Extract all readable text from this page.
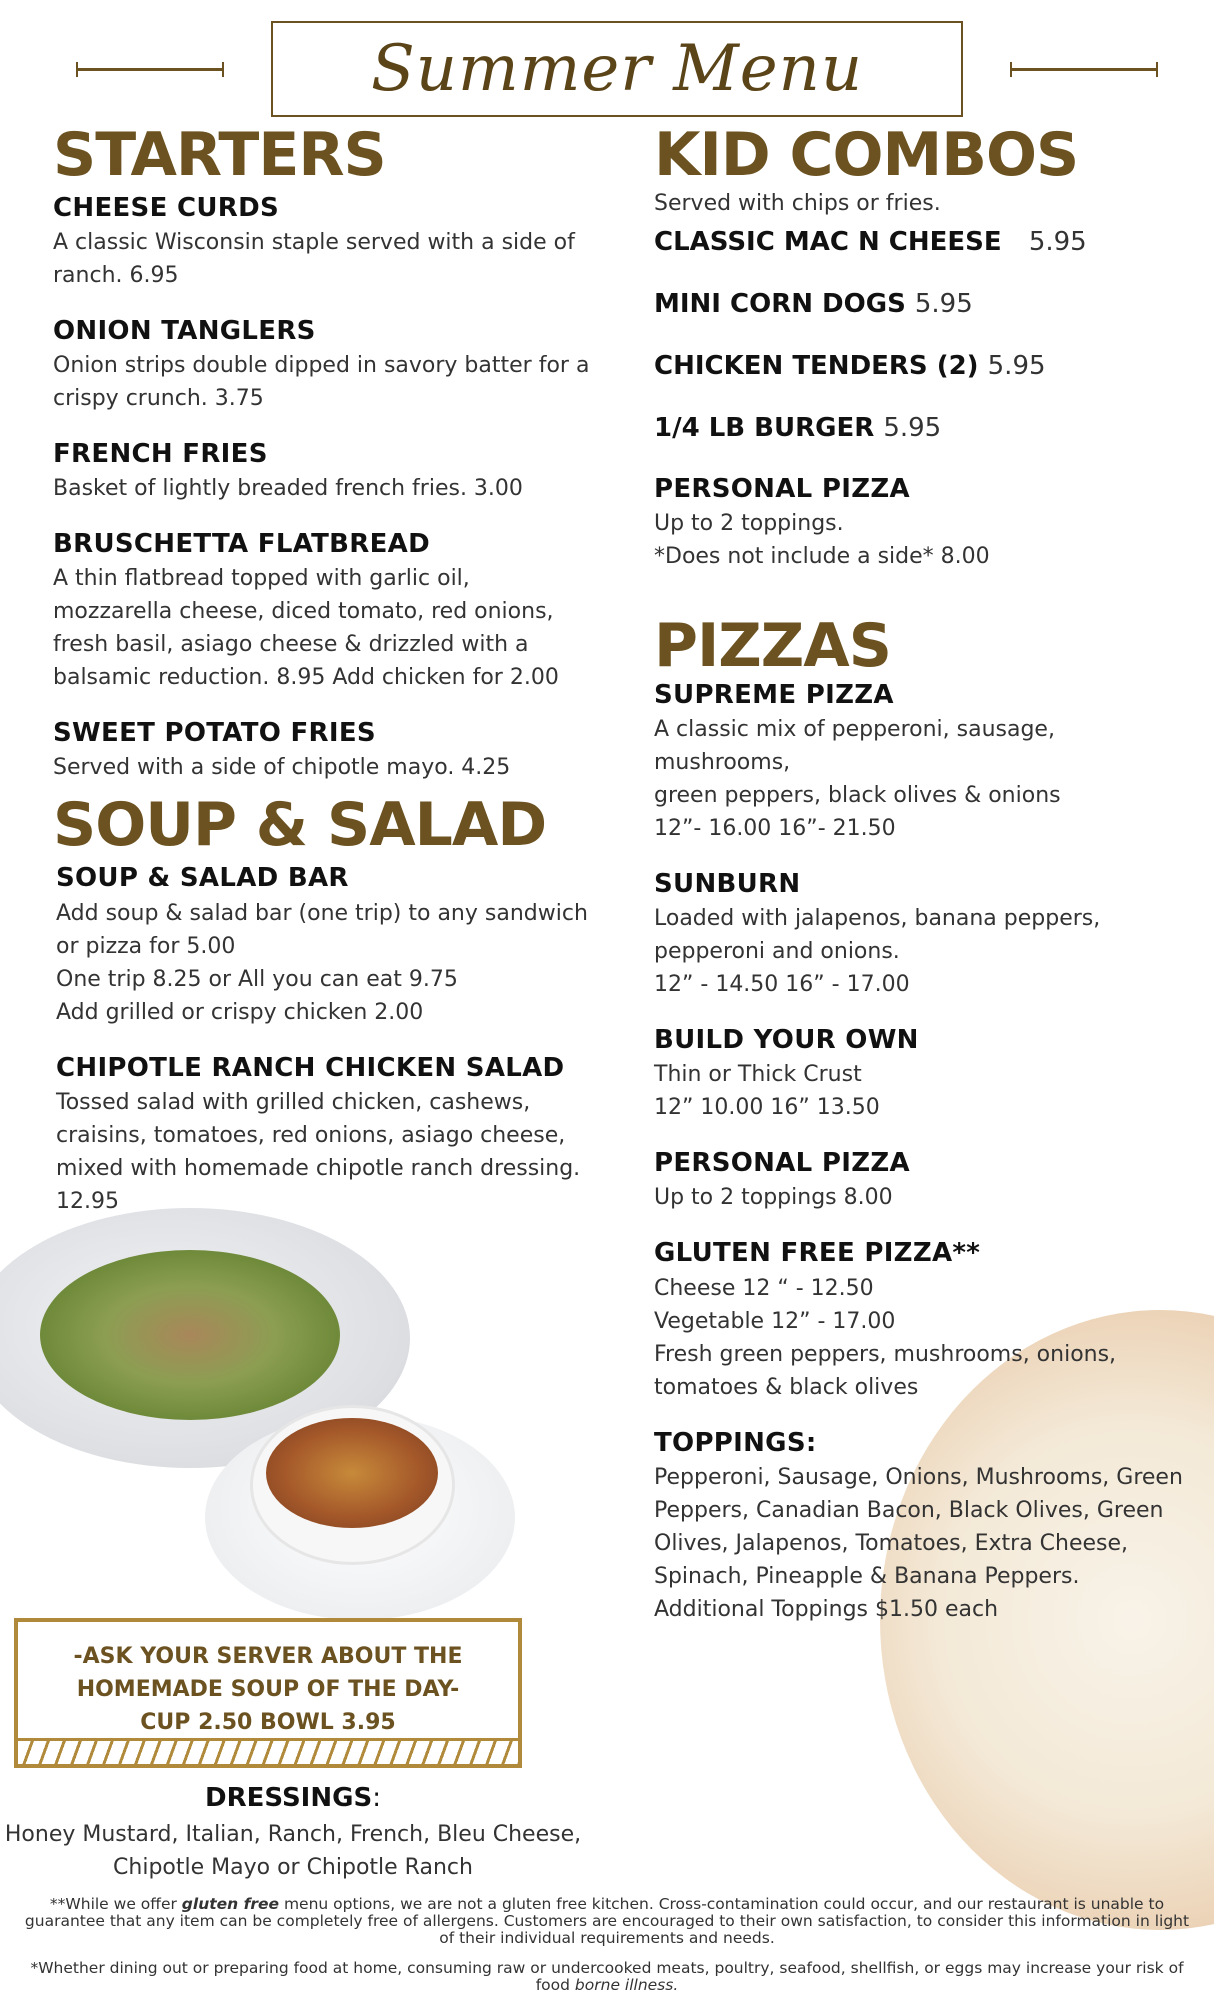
Summer Menu
STARTERS
CHEESE CURDS
A classic Wisconsin staple served with a side of ranch. 6.95
ONION TANGLERS
Onion strips double dipped in savory batter for a crispy crunch. 3.75
FRENCH FRIES
Basket of lightly breaded french fries. 3.00
BRUSCHETTA FLATBREAD
A thin flatbread topped with garlic oil, mozzarella cheese, diced tomato, red onions, fresh basil, asiago cheese & drizzled with a balsamic reduction. 8.95 Add chicken for 2.00
SWEET POTATO FRIES
Served with a side of chipotle mayo. 4.25
SOUP & SALAD
SOUP & SALAD BAR
Add soup & salad bar (one trip) to any sandwich
or pizza for 5.00
One trip 8.25 or All you can eat 9.75
Add grilled or crispy chicken 2.00
CHIPOTLE RANCH CHICKEN SALAD
Tossed salad with grilled chicken, cashews, craisins, tomatoes, red onions, asiago cheese, mixed with homemade chipotle ranch dressing. 12.95
KID COMBOS
Served with chips or fries.
CLASSIC MAC N CHEESE 5.95
MINI CORN DOGS 5.95
CHICKEN TENDERS (2) 5.95
1/4 LB BURGER 5.95
PERSONAL PIZZA
Up to 2 toppings.
*Does not include a side* 8.00
PIZZAS
SUPREME PIZZA
A classic mix of pepperoni, sausage, mushrooms,
green peppers, black olives & onions
12”- 16.00 16”- 21.50
SUNBURN
Loaded with jalapenos, banana peppers,
pepperoni and onions.
12” - 14.50 16” - 17.00
BUILD YOUR OWN
Thin or Thick Crust
12” 10.00 16” 13.50
PERSONAL PIZZA
Up to 2 toppings 8.00
GLUTEN FREE PIZZA**
Cheese 12 “ - 12.50
Vegetable 12” - 17.00
Fresh green peppers, mushrooms, onions,
tomatoes & black olives
TOPPINGS:
Pepperoni, Sausage, Onions, Mushrooms, Green
Peppers, Canadian Bacon, Black Olives, Green
Olives, Jalapenos, Tomatoes, Extra Cheese,
Spinach, Pineapple & Banana Peppers.
Additional Toppings $1.50 each
-ASK YOUR SERVER ABOUT THE
HOMEMADE SOUP OF THE DAY-
CUP 2.50 BOWL 3.95
DRESSINGS:
Honey Mustard, Italian, Ranch, French, Bleu Cheese,
Chipotle Mayo or Chipotle Ranch
**While we offer gluten free menu options, we are not a gluten free kitchen. Cross-contamination could occur, and our restaurant is unable to guarantee that any item can be completely free of allergens. Customers are encouraged to their own satisfaction, to consider this information in light of their individual requirements and needs.
*Whether dining out or preparing food at home, consuming raw or undercooked meats, poultry, seafood, shellfish, or eggs may increase your risk of food borne illness.
